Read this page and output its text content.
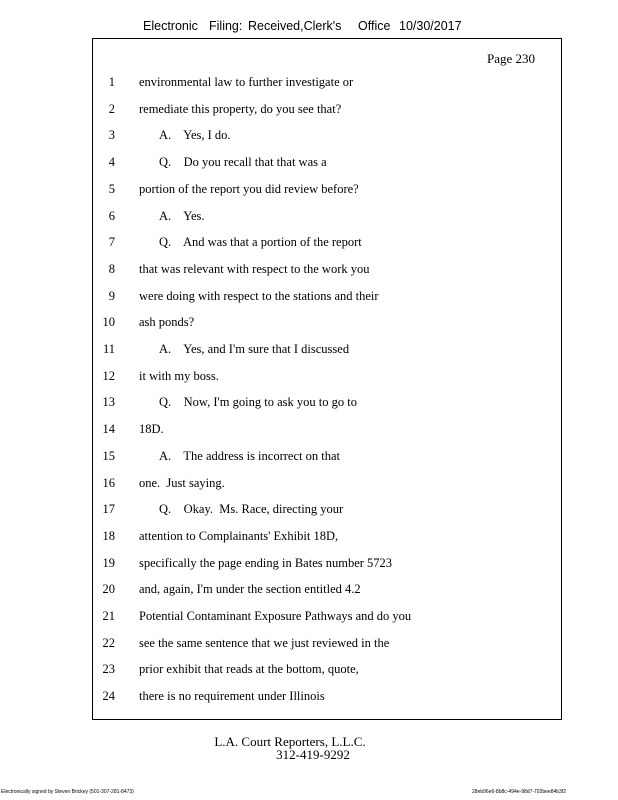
Electronic Filing: Received,Clerk's Office 10/30/2017
Page 230
1 environmental law to further investigate or
2 remediate this property, do you see that?
3	A.    Yes, I do.
4	Q.    Do you recall that that was a
5 portion of the report you did review before?
6	A.    Yes.
7	Q.    And was that a portion of the report
8 that was relevant with respect to the work you
9 were doing with respect to the stations and their
10 ash ponds?
11	A.    Yes, and I'm sure that I discussed
12 it with my boss.
13	Q.    Now, I'm going to ask you to go to
14 18D.
15	A.    The address is incorrect on that
16 one.  Just saying.
17	Q.    Okay.  Ms. Race, directing your
18 attention to Complainants' Exhibit 18D,
19 specifically the page ending in Bates number 5723
20 and, again, I'm under the section entitled 4.2
21 Potential Contaminant Exposure Pathways and do you
22 see the same sentence that we just reviewed in the
23 prior exhibit that reads at the bottom, quote,
24 there is no requirement under Illinois
L.A. Court Reporters, L.L.C.
312-419-9292
Electronically signed by Steven Brickey (501-307-281-8473)	28eb96e6-8b8c-494e-98d7-702bee84b3f2
